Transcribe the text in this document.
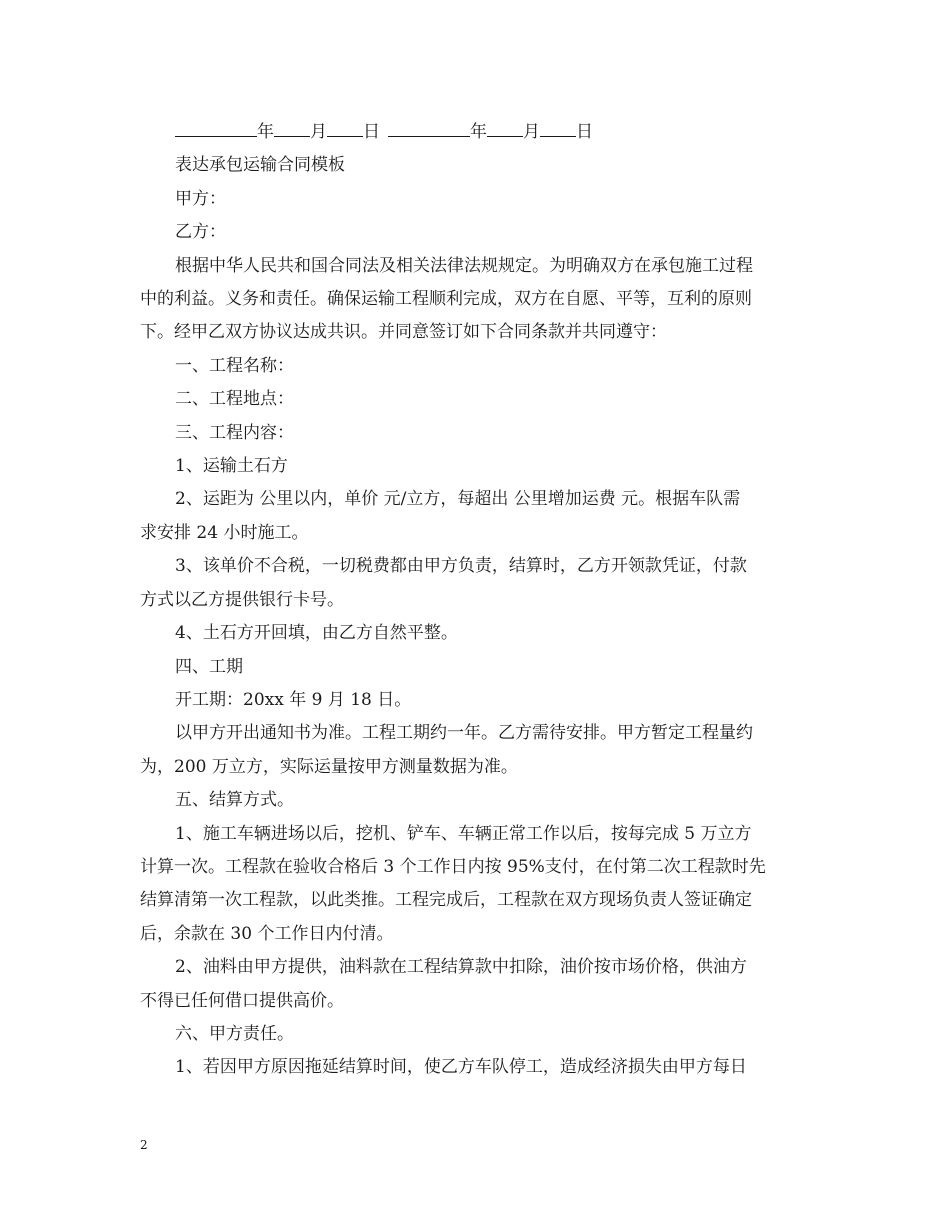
年 月 日	年 月 日

表达承包运输合同模板

甲方：

乙方：

根据中华人民共和国合同法及相关法律法规规定。为明确双方在承包施工过程

中的利益。义务和责任。确保运输工程顺利完成，双方在自愿、平等，互利的原则

下。经甲乙双方协议达成共识。并同意签订如下合同条款并共同遵守：

一、工程名称：

二、工程地点：

三、工程内容：

1、运输土石方

2、运距为 公里以内，单价 元/立方，每超出 公里增加运费 元。根据车队需

求安排 24 小时施工。

3、该单价不合税，一切税费都由甲方负责，结算时，乙方开领款凭证，付款

方式以乙方提供银行卡号。

4、土石方开回填，由乙方自然平整。

四、工期

开工期：20xx 年 9 月 18 日。

以甲方开出通知书为准。工程工期约一年。乙方需待安排。甲方暂定工程量约

为，200 万立方，实际运量按甲方测量数据为准。

五、结算方式。

1、施工车辆进场以后，挖机、铲车、车辆正常工作以后，按每完成 5 万立方

计算一次。工程款在验收合格后 3 个工作日内按 95%支付，在付第二次工程款时先

结算清第一次工程款，以此类推。工程完成后，工程款在双方现场负责人签证确定

后，余款在 30 个工作日内付清。

2、油料由甲方提供，油料款在工程结算款中扣除，油价按市场价格，供油方

不得已任何借口提供高价。

六、甲方责任。

1、若因甲方原因拖延结算时间，使乙方车队停工，造成经济损失由甲方每日

2
